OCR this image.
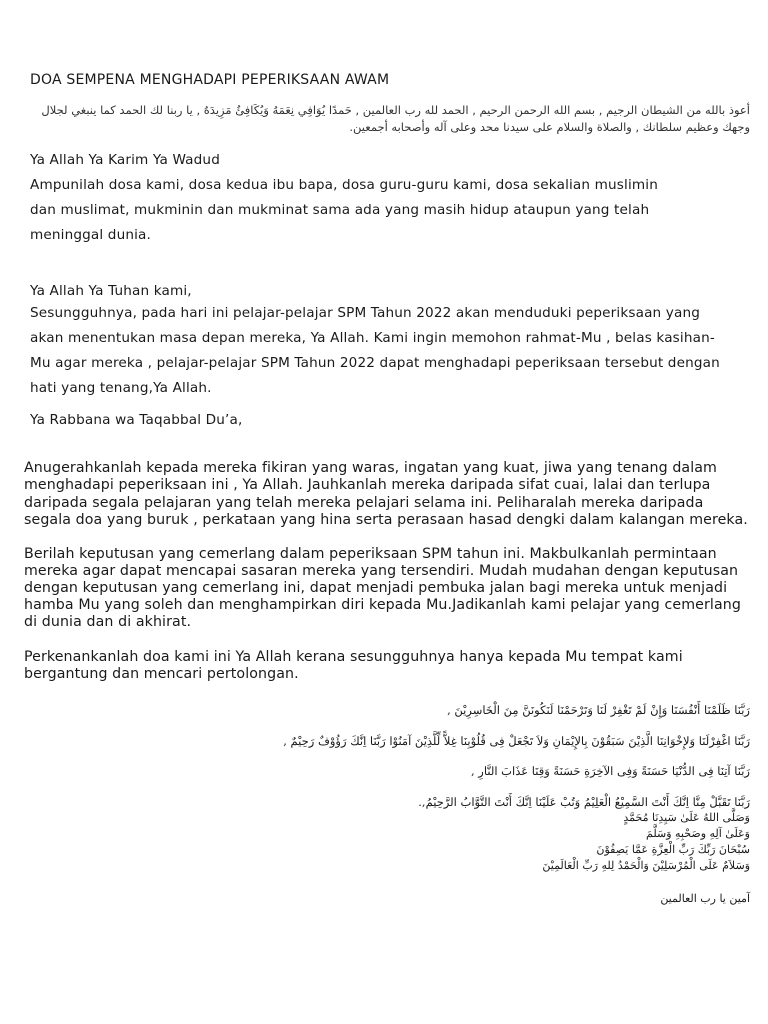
DOA SEMPENA MENGHADAPI PEPERIKSAAN AWAM
أعوذ بالله من الشيطان الرجيم , بسم الله الرحمن الرحيم , الحمد لله رب العالمين , حَمدًا يُوَافِي نِعَمَهُ وَيُكَافِئُ مَزِيدَهُ , يا ربنا لك الحمد كما ينبغي لجلال
وجهك وعظيم سلطانك , والصلاة والسلام على سيدنا محد وعلى آله وأصحابه أجمعين.
Ya Allah Ya Karim Ya Wadud
Ampunilah dosa kami, dosa kedua ibu bapa, dosa guru-guru kami, dosa sekalian muslimin
dan muslimat, mukminin dan mukminat sama ada yang masih hidup ataupun yang telah
meninggal dunia.
Ya Allah Ya Tuhan kami,
Sesungguhnya, pada hari ini pelajar-pelajar SPM Tahun 2022 akan menduduki peperiksaan yang
akan menentukan masa depan mereka, Ya Allah. Kami ingin memohon rahmat-Mu , belas kasihan-
Mu agar mereka , pelajar-pelajar SPM Tahun 2022 dapat menghadapi peperiksaan tersebut dengan
hati yang tenang,Ya Allah.
Ya Rabbana wa Taqabbal Du’a,
Anugerahkanlah kepada mereka fikiran yang waras, ingatan yang kuat, jiwa yang tenang dalam
menghadapi peperiksaan ini , Ya Allah. Jauhkanlah mereka daripada sifat cuai, lalai dan terlupa
daripada segala pelajaran yang telah mereka pelajari selama ini. Peliharalah mereka daripada
segala doa yang buruk , perkataan yang hina serta perasaan hasad dengki dalam kalangan mereka.
Berilah keputusan yang cemerlang dalam peperiksaan SPM tahun ini. Makbulkanlah permintaan
mereka agar dapat mencapai sasaran mereka yang tersendiri. Mudah mudahan dengan keputusan
dengan keputusan yang cemerlang ini, dapat menjadi pembuka jalan bagi mereka untuk menjadi
hamba Mu yang soleh dan menghampirkan diri kepada Mu.Jadikanlah kami pelajar yang cemerlang
di dunia dan di akhirat.
Perkenankanlah doa kami ini Ya Allah kerana sesungguhnya hanya kepada Mu tempat kami
bergantung dan mencari pertolongan.
رَبَّنَا ظَلَمْنَا أَنْفُسَنَا وَإِنْ لَمْ تَغْفِرْ لَنَا وَتَرْحَمْنَا لَنَكُونَنَّ مِنَ الْخَاسِرِيْنَ ,
رَبَّنَا اغْفِرْلَنَا وَلإِخْوَانِنَا الَّذِيْنَ سَبَقُوْنَ بِالإِيْمَانِ وَلاَ تَجْعَلْ فِى قُلُوْبِنَا غِلاًّ لِّلَّذِيْنَ آمَنُوْا رَبَّنَا اِنَّكَ رَؤُوْفٌ رَحِيْمٌ ,
رَبَّنَا آتِنَا فِى الدُّنْيَا حَسَنَةً وَفِى الآخِرَةِ حَسَنَةً وَقِنَا عَذَابَ النَّارِ ,
رَبَّنَا تَقَبَّلْ مِنَّا اِنَّكَ أَنْتَ السَّمِيْعُ الْعَلِيْمُ وَتُبْ عَلَيْنَا اِنَّكَ أَنْتَ التَّوَّابُ الرَّحِيْمُ,.
وَصَلَّى اللهُ عَلَىٰ سَيِدِنَا مُحَمَّدٍ
وَعَلَىٰ آلِهِ وصَحْبِهِ وَسَلَّمَ
سُبْحَانَ رَبِّكَ رَبِّ الْعِزَّةِ عَمَّا يَصِفُوْنَ
وَسَلاَمٌ عَلَى الْمُرْسَلِيْنَ وَالْحَمْدُ لِلهِ رَبِّ الْعَالَمِيْنَ
آمين يا رب العالمين
